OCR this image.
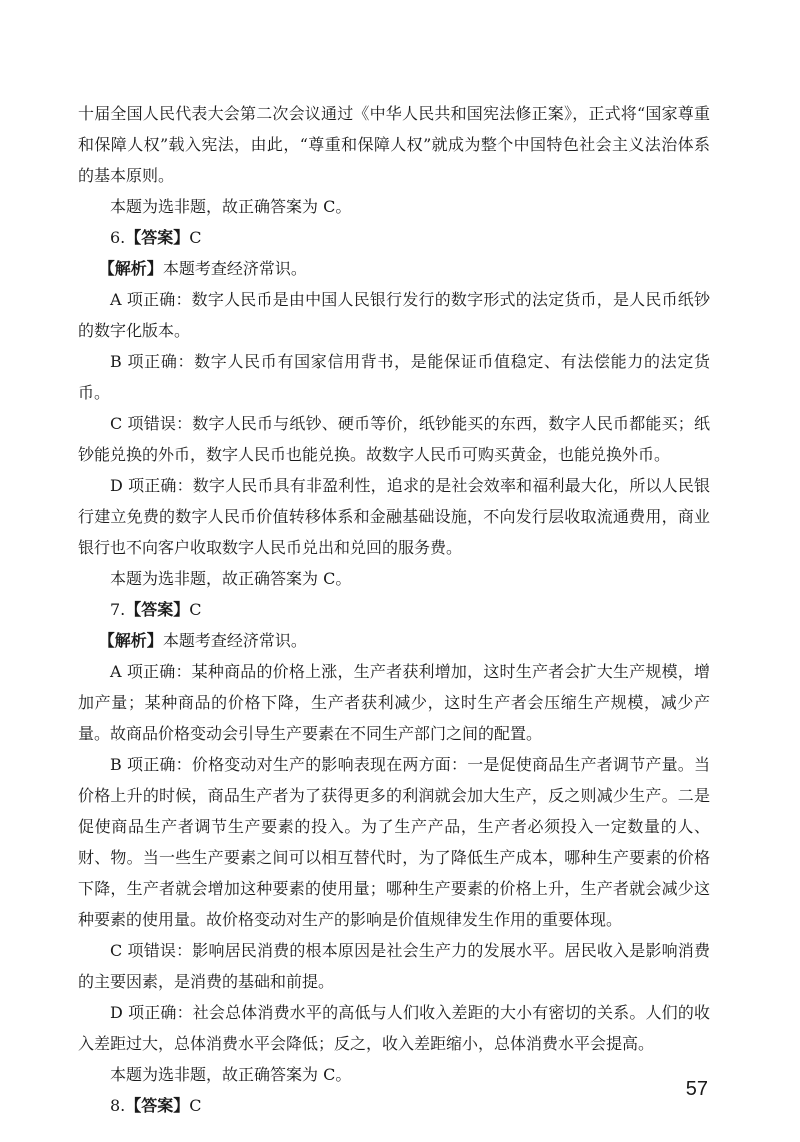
十届全国人民代表大会第二次会议通过《中华人民共和国宪法修正案》，正式将“国家尊重和保障人权”载入宪法，由此，“尊重和保障人权”就成为整个中国特色社会主义法治体系的基本原则。

本题为选非题，故正确答案为 C。

6.【答案】C

【解析】本题考查经济常识。

A 项正确：数字人民币是由中国人民银行发行的数字形式的法定货币，是人民币纸钞的数字化版本。

B 项正确：数字人民币有国家信用背书，是能保证币值稳定、有法偿能力的法定货币。

C 项错误：数字人民币与纸钞、硬币等价，纸钞能买的东西，数字人民币都能买；纸钞能兑换的外币，数字人民币也能兑换。故数字人民币可购买黄金，也能兑换外币。

D 项正确：数字人民币具有非盈利性，追求的是社会效率和福利最大化，所以人民银行建立免费的数字人民币价值转移体系和金融基础设施，不向发行层收取流通费用，商业银行也不向客户收取数字人民币兑出和兑回的服务费。

本题为选非题，故正确答案为 C。

7.【答案】C

【解析】本题考查经济常识。

A 项正确：某种商品的价格上涨，生产者获利增加，这时生产者会扩大生产规模，增加产量；某种商品的价格下降，生产者获利减少，这时生产者会压缩生产规模，减少产量。故商品价格变动会引导生产要素在不同生产部门之间的配置。

B 项正确：价格变动对生产的影响表现在两方面：一是促使商品生产者调节产量。当价格上升的时候，商品生产者为了获得更多的利润就会加大生产，反之则减少生产。二是促使商品生产者调节生产要素的投入。为了生产产品，生产者必须投入一定数量的人、财、物。当一些生产要素之间可以相互替代时，为了降低生产成本，哪种生产要素的价格下降，生产者就会增加这种要素的使用量；哪种生产要素的价格上升，生产者就会减少这种要素的使用量。故价格变动对生产的影响是价值规律发生作用的重要体现。

C 项错误：影响居民消费的根本原因是社会生产力的发展水平。居民收入是影响消费的主要因素，是消费的基础和前提。

D 项正确：社会总体消费水平的高低与人们收入差距的大小有密切的关系。人们的收入差距过大，总体消费水平会降低；反之，收入差距缩小，总体消费水平会提高。

本题为选非题，故正确答案为 C。

8.【答案】C

57
